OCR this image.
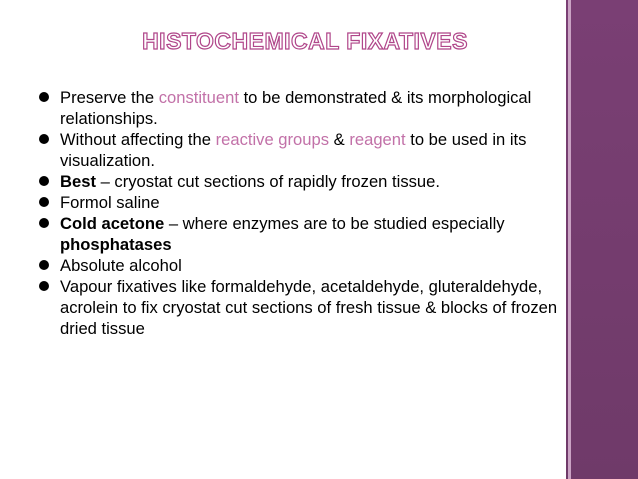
HISTOCHEMICAL FIXATIVES
Preserve the constituent to be demonstrated & its morphological relationships.
Without affecting the reactive groups & reagent to be used in its visualization.
Best – cryostat cut sections of rapidly frozen tissue.
Formol saline
Cold acetone – where enzymes are to be studied especially phosphatases
Absolute alcohol
Vapour fixatives like formaldehyde, acetaldehyde, gluteraldehyde, acrolein to fix cryostat cut sections of fresh tissue & blocks of frozen dried tissue
